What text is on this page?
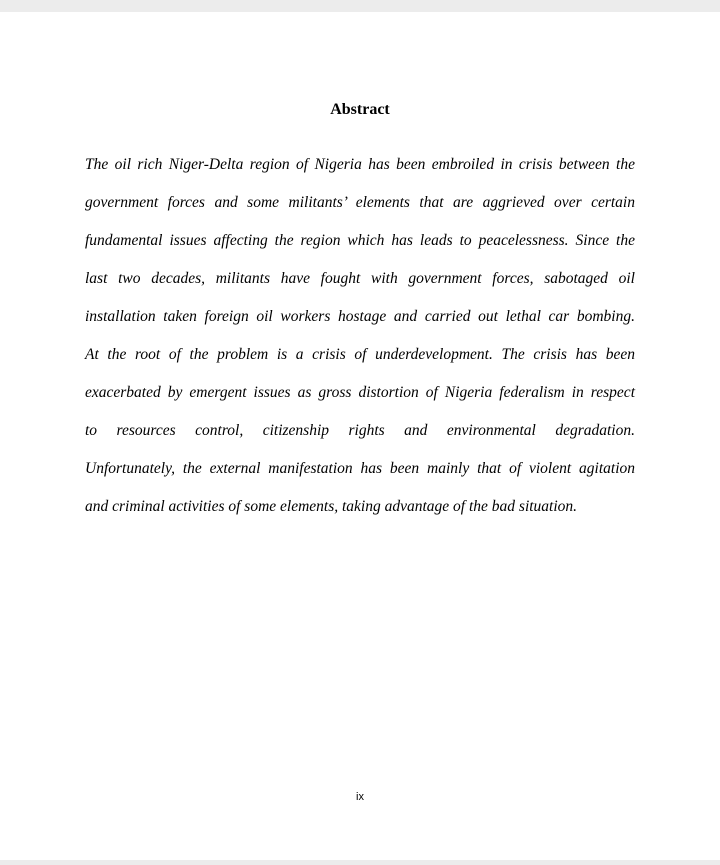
Abstract
The oil rich Niger-Delta region of Nigeria has been embroiled in crisis between the
government forces and some militants’ elements that are aggrieved over certain
fundamental issues affecting the region which has leads to peacelessness. Since the
last two decades, militants have fought with government forces, sabotaged oil
installation taken foreign oil workers hostage and carried out lethal car bombing.
At the root of the problem is a crisis of underdevelopment. The crisis has been
exacerbated by emergent issues as gross distortion of Nigeria federalism in respect
to resources control, citizenship rights and environmental degradation.
Unfortunately, the external manifestation has been mainly that of violent agitation
and criminal activities of some elements, taking advantage of the bad situation.
ix
